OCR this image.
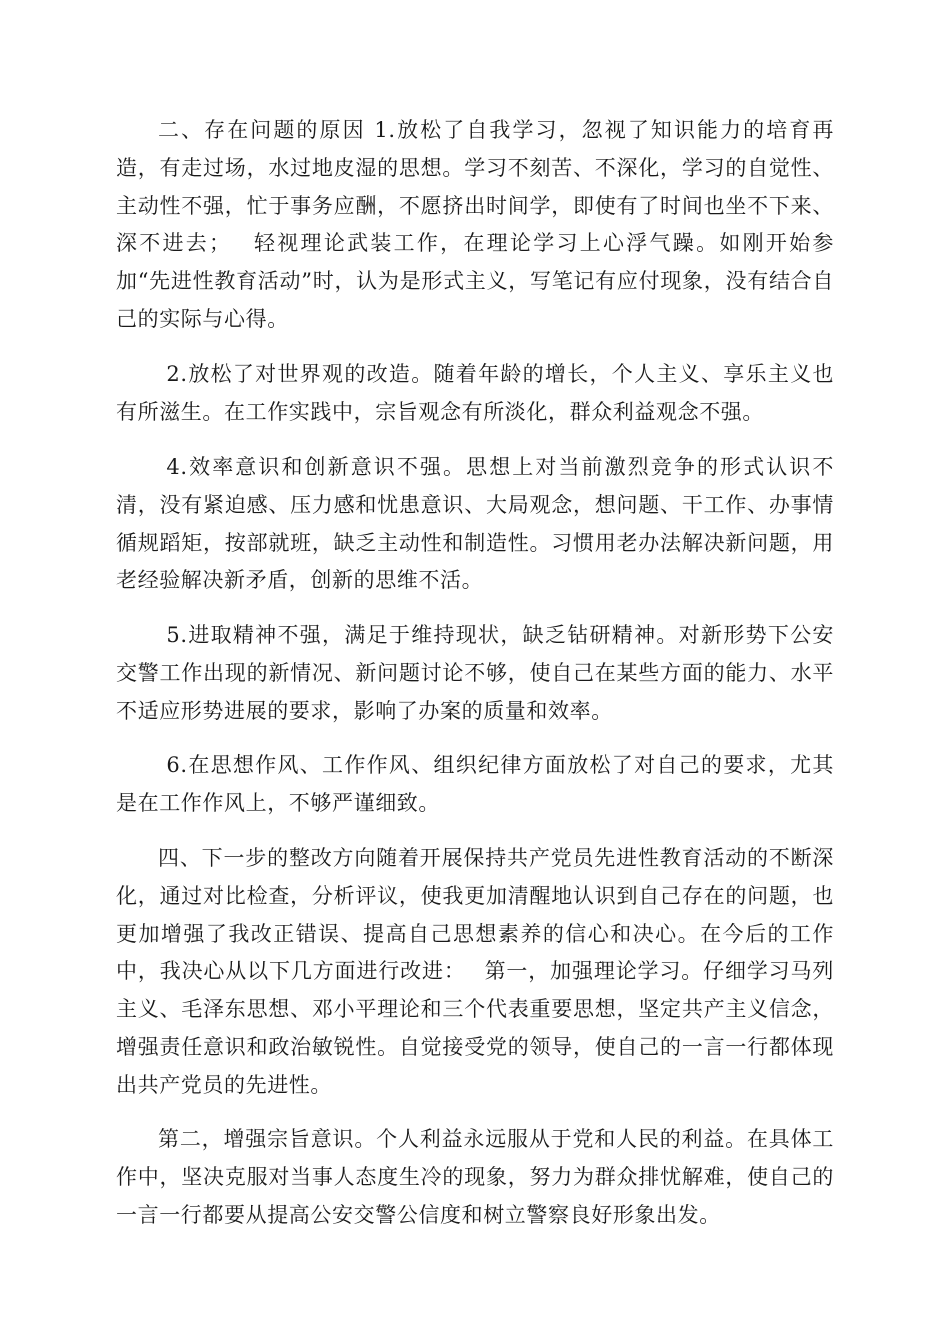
二、存在问题的原因 1.放松了自我学习，忽视了知识能力的培育再造，有走过场，水过地皮湿的思想。学习不刻苦、不深化，学习的自觉性、主动性不强，忙于事务应酬，不愿挤出时间学，即使有了时间也坐不下来、深不进去；　 轻视理论武装工作，在理论学习上心浮气躁。如刚开始参加“先进性教育活动”时，认为是形式主义，写笔记有应付现象，没有结合自己的实际与心得。

2.放松了对世界观的改造。随着年龄的增长，个人主义、享乐主义也有所滋生。在工作实践中，宗旨观念有所淡化，群众利益观念不强。

4.效率意识和创新意识不强。思想上对当前激烈竞争的形式认识不清，没有紧迫感、压力感和忧患意识、大局观念，想问题、干工作、办事情循规蹈矩，按部就班，缺乏主动性和制造性。习惯用老办法解决新问题，用老经验解决新矛盾，创新的思维不活。

5.进取精神不强，满足于维持现状，缺乏钻研精神。对新形势下公安交警工作出现的新情况、新问题讨论不够，使自己在某些方面的能力、水平不适应形势进展的要求，影响了办案的质量和效率。

6.在思想作风、工作作风、组织纪律方面放松了对自己的要求，尤其是在工作作风上，不够严谨细致。

四、下一步的整改方向随着开展保持共产党员先进性教育活动的不断深化，通过对比检查，分析评议，使我更加清醒地认识到自己存在的问题，也更加增强了我改正错误、提高自己思想素养的信心和决心。在今后的工作中，我决心从以下几方面进行改进：　 第一，加强理论学习。仔细学习马列主义、毛泽东思想、邓小平理论和三个代表重要思想，坚定共产主义信念，增强责任意识和政治敏锐性。自觉接受党的领导，使自己的一言一行都体现出共产党员的先进性。

第二，增强宗旨意识。个人利益永远服从于党和人民的利益。在具体工作中，坚决克服对当事人态度生冷的现象，努力为群众排忧解难，使自己的一言一行都要从提高公安交警公信度和树立警察良好形象出发。
